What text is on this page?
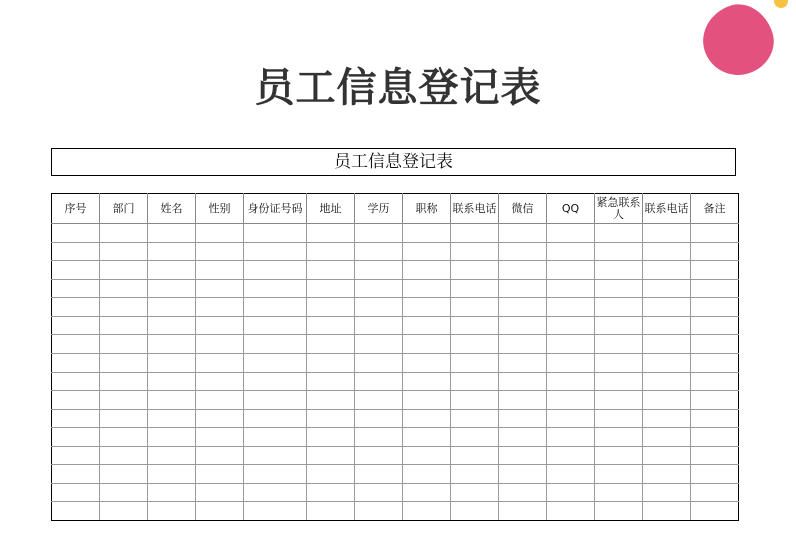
员工信息登记表
员工信息登记表
序号	部门	姓名	性别	身份证号码	地址	学历	职称	联系电话	微信	QQ	紧急联系人	联系电话	备注
